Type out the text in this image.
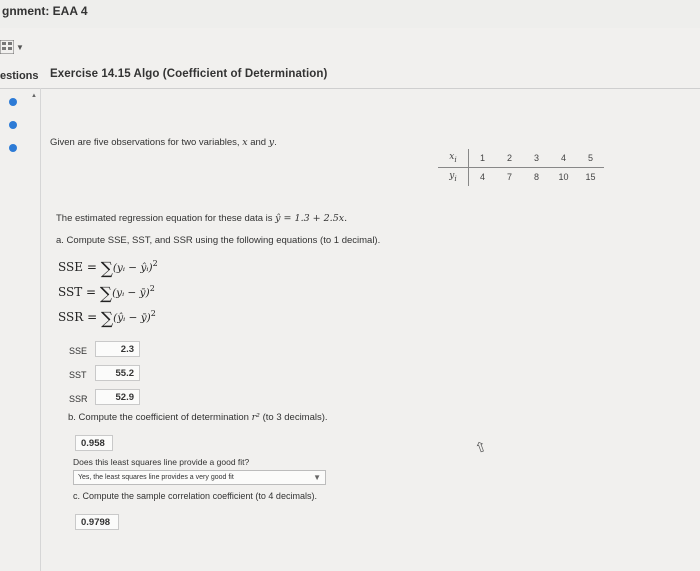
gnment: EAA 4
▼
estions Exercise 14.15 Algo (Coefficient of Determination)
▲
Given are five observations for two variables, x and y.
$x_i$	1	2	3	4	5
$y_i$	4	7	8	10	15
The estimated regression equation for these data is ŷ = 1.3 + 2.5x.
a. Compute SSE, SST, and SSR using the following equations (to 1 decimal).
SSE = ∑(yᵢ − ŷᵢ)$^2$
SST = ∑(yᵢ − ȳ)$^2$
SSR = ∑(ŷᵢ − ȳ)$^2$
SSE	2.3
SST	55.2
SSR	52.9
b. Compute the coefficient of determination r² (to 3 decimals).
0.958
Does this least squares line provide a good fit?
Yes, the least squares line provides a very good fit	▼
c. Compute the sample correlation coefficient (to 4 decimals).
0.9798
⇧
